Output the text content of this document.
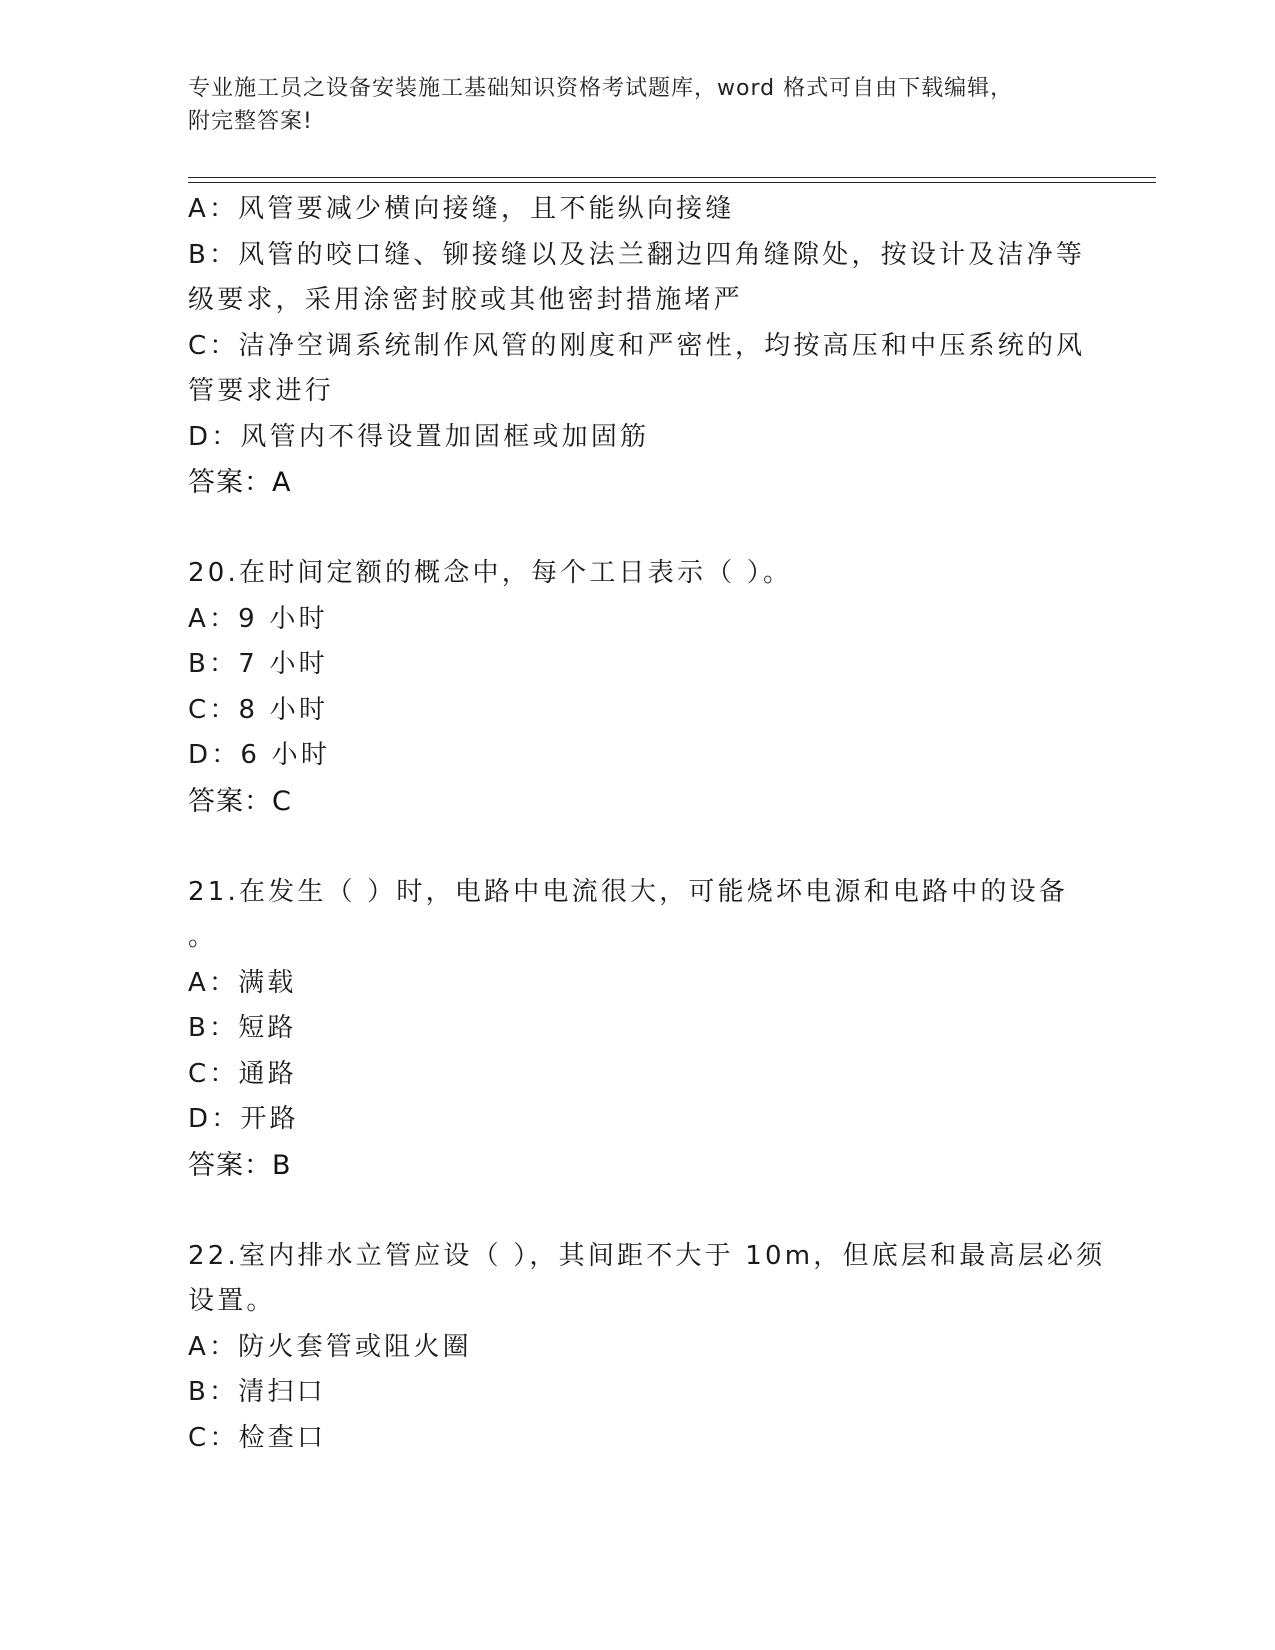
专业施工员之设备安装施工基础知识资格考试题库，word 格式可自由下载编辑，
附完整答案!
A：风管要减少横向接缝，且不能纵向接缝
B：风管的咬口缝、铆接缝以及法兰翻边四角缝隙处，按设计及洁净等
级要求，采用涂密封胶或其他密封措施堵严
C：洁净空调系统制作风管的刚度和严密性，均按高压和中压系统的风
管要求进行
D：风管内不得设置加固框或加固筋
答案：A
20.在时间定额的概念中，每个工日表示（ ）。
A：9 小时
B：7 小时
C：8 小时
D：6 小时
答案：C
21.在发生（ ）时，电路中电流很大，可能烧坏电源和电路中的设备
。
A：满载
B：短路
C：通路
D：开路
答案：B
22.室内排水立管应设（ ），其间距不大于 10m，但底层和最高层必须
设置。
A：防火套管或阻火圈
B：清扫口
C：检查口
